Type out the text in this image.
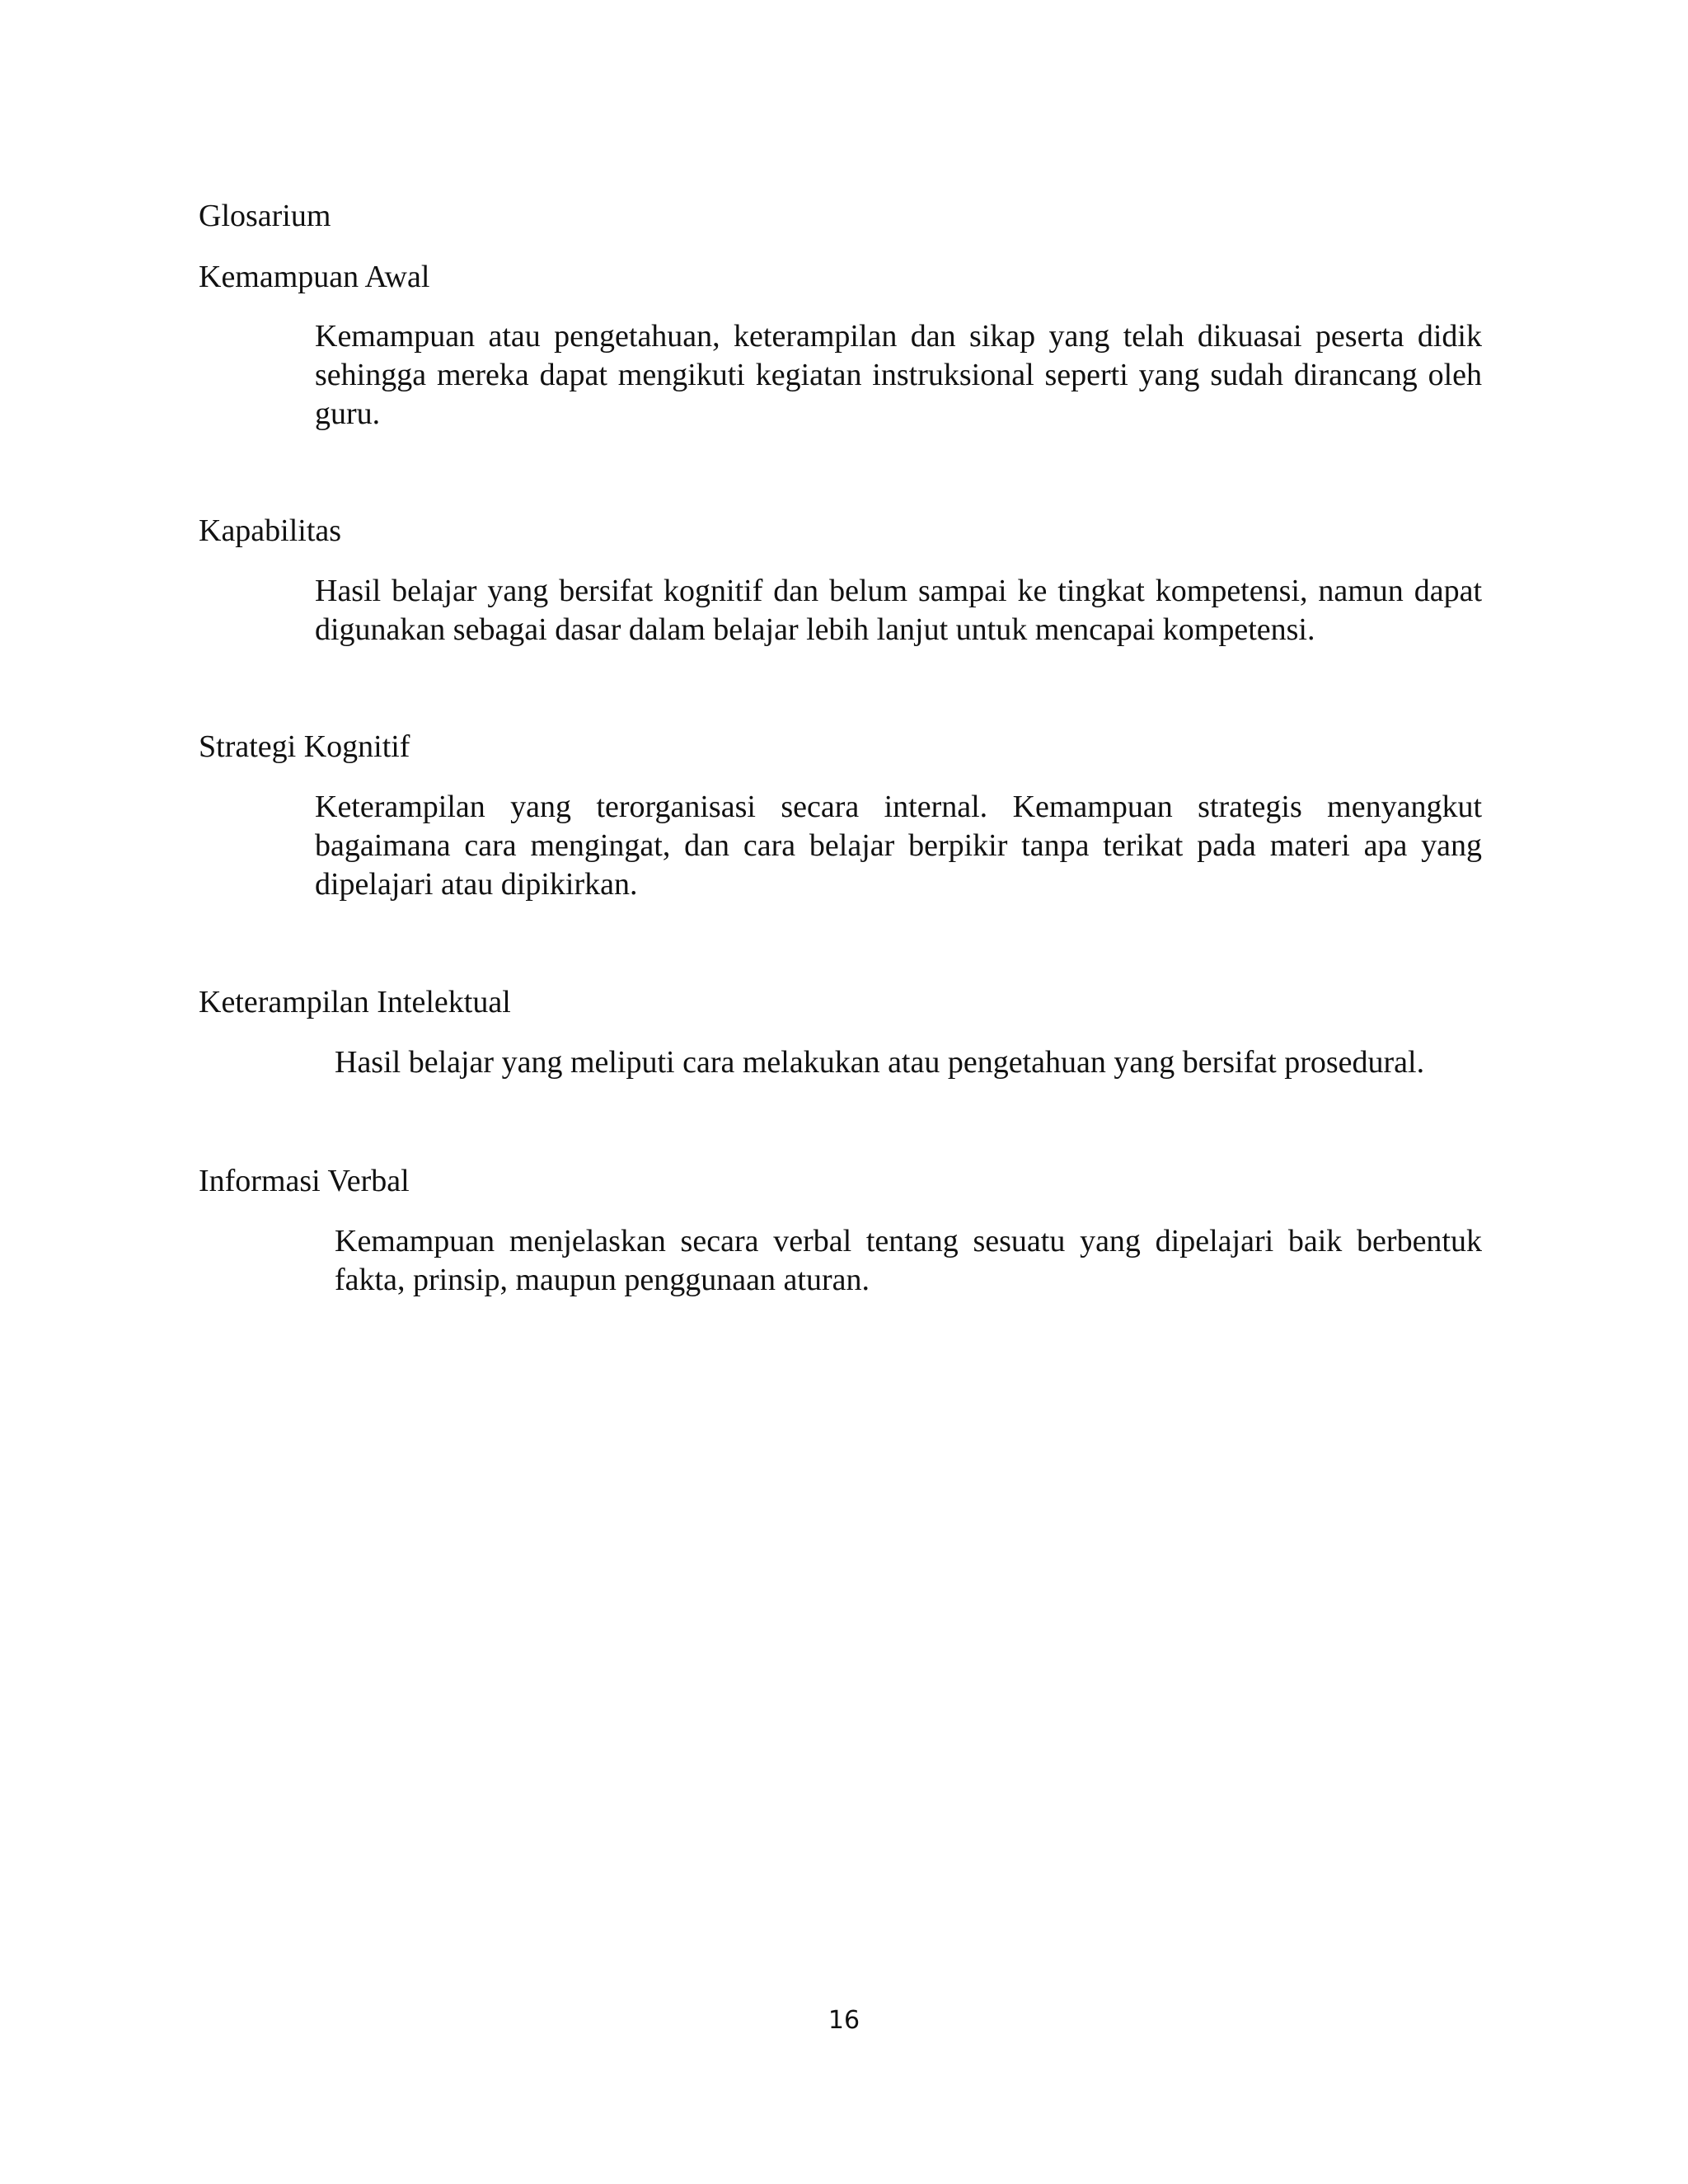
Glosarium
Kemampuan Awal

Kemampuan atau pengetahuan, keterampilan dan sikap yang telah dikuasai peserta didik sehingga mereka dapat mengikuti kegiatan instruksional seperti yang sudah dirancang oleh guru.

Kapabilitas

Hasil belajar yang bersifat kognitif dan belum sampai ke tingkat kompetensi, namun dapat digunakan sebagai dasar dalam belajar lebih lanjut untuk mencapai kompetensi.

Strategi Kognitif

Keterampilan yang terorganisasi secara internal. Kemampuan strategis menyangkut bagaimana cara mengingat, dan cara belajar berpikir tanpa terikat pada materi apa yang dipelajari atau dipikirkan.

Keterampilan Intelektual

Hasil belajar yang meliputi cara melakukan atau pengetahuan yang bersifat prosedural.

Informasi Verbal

Kemampuan menjelaskan secara verbal tentang sesuatu yang dipelajari baik berbentuk fakta, prinsip, maupun penggunaan aturan.

16
